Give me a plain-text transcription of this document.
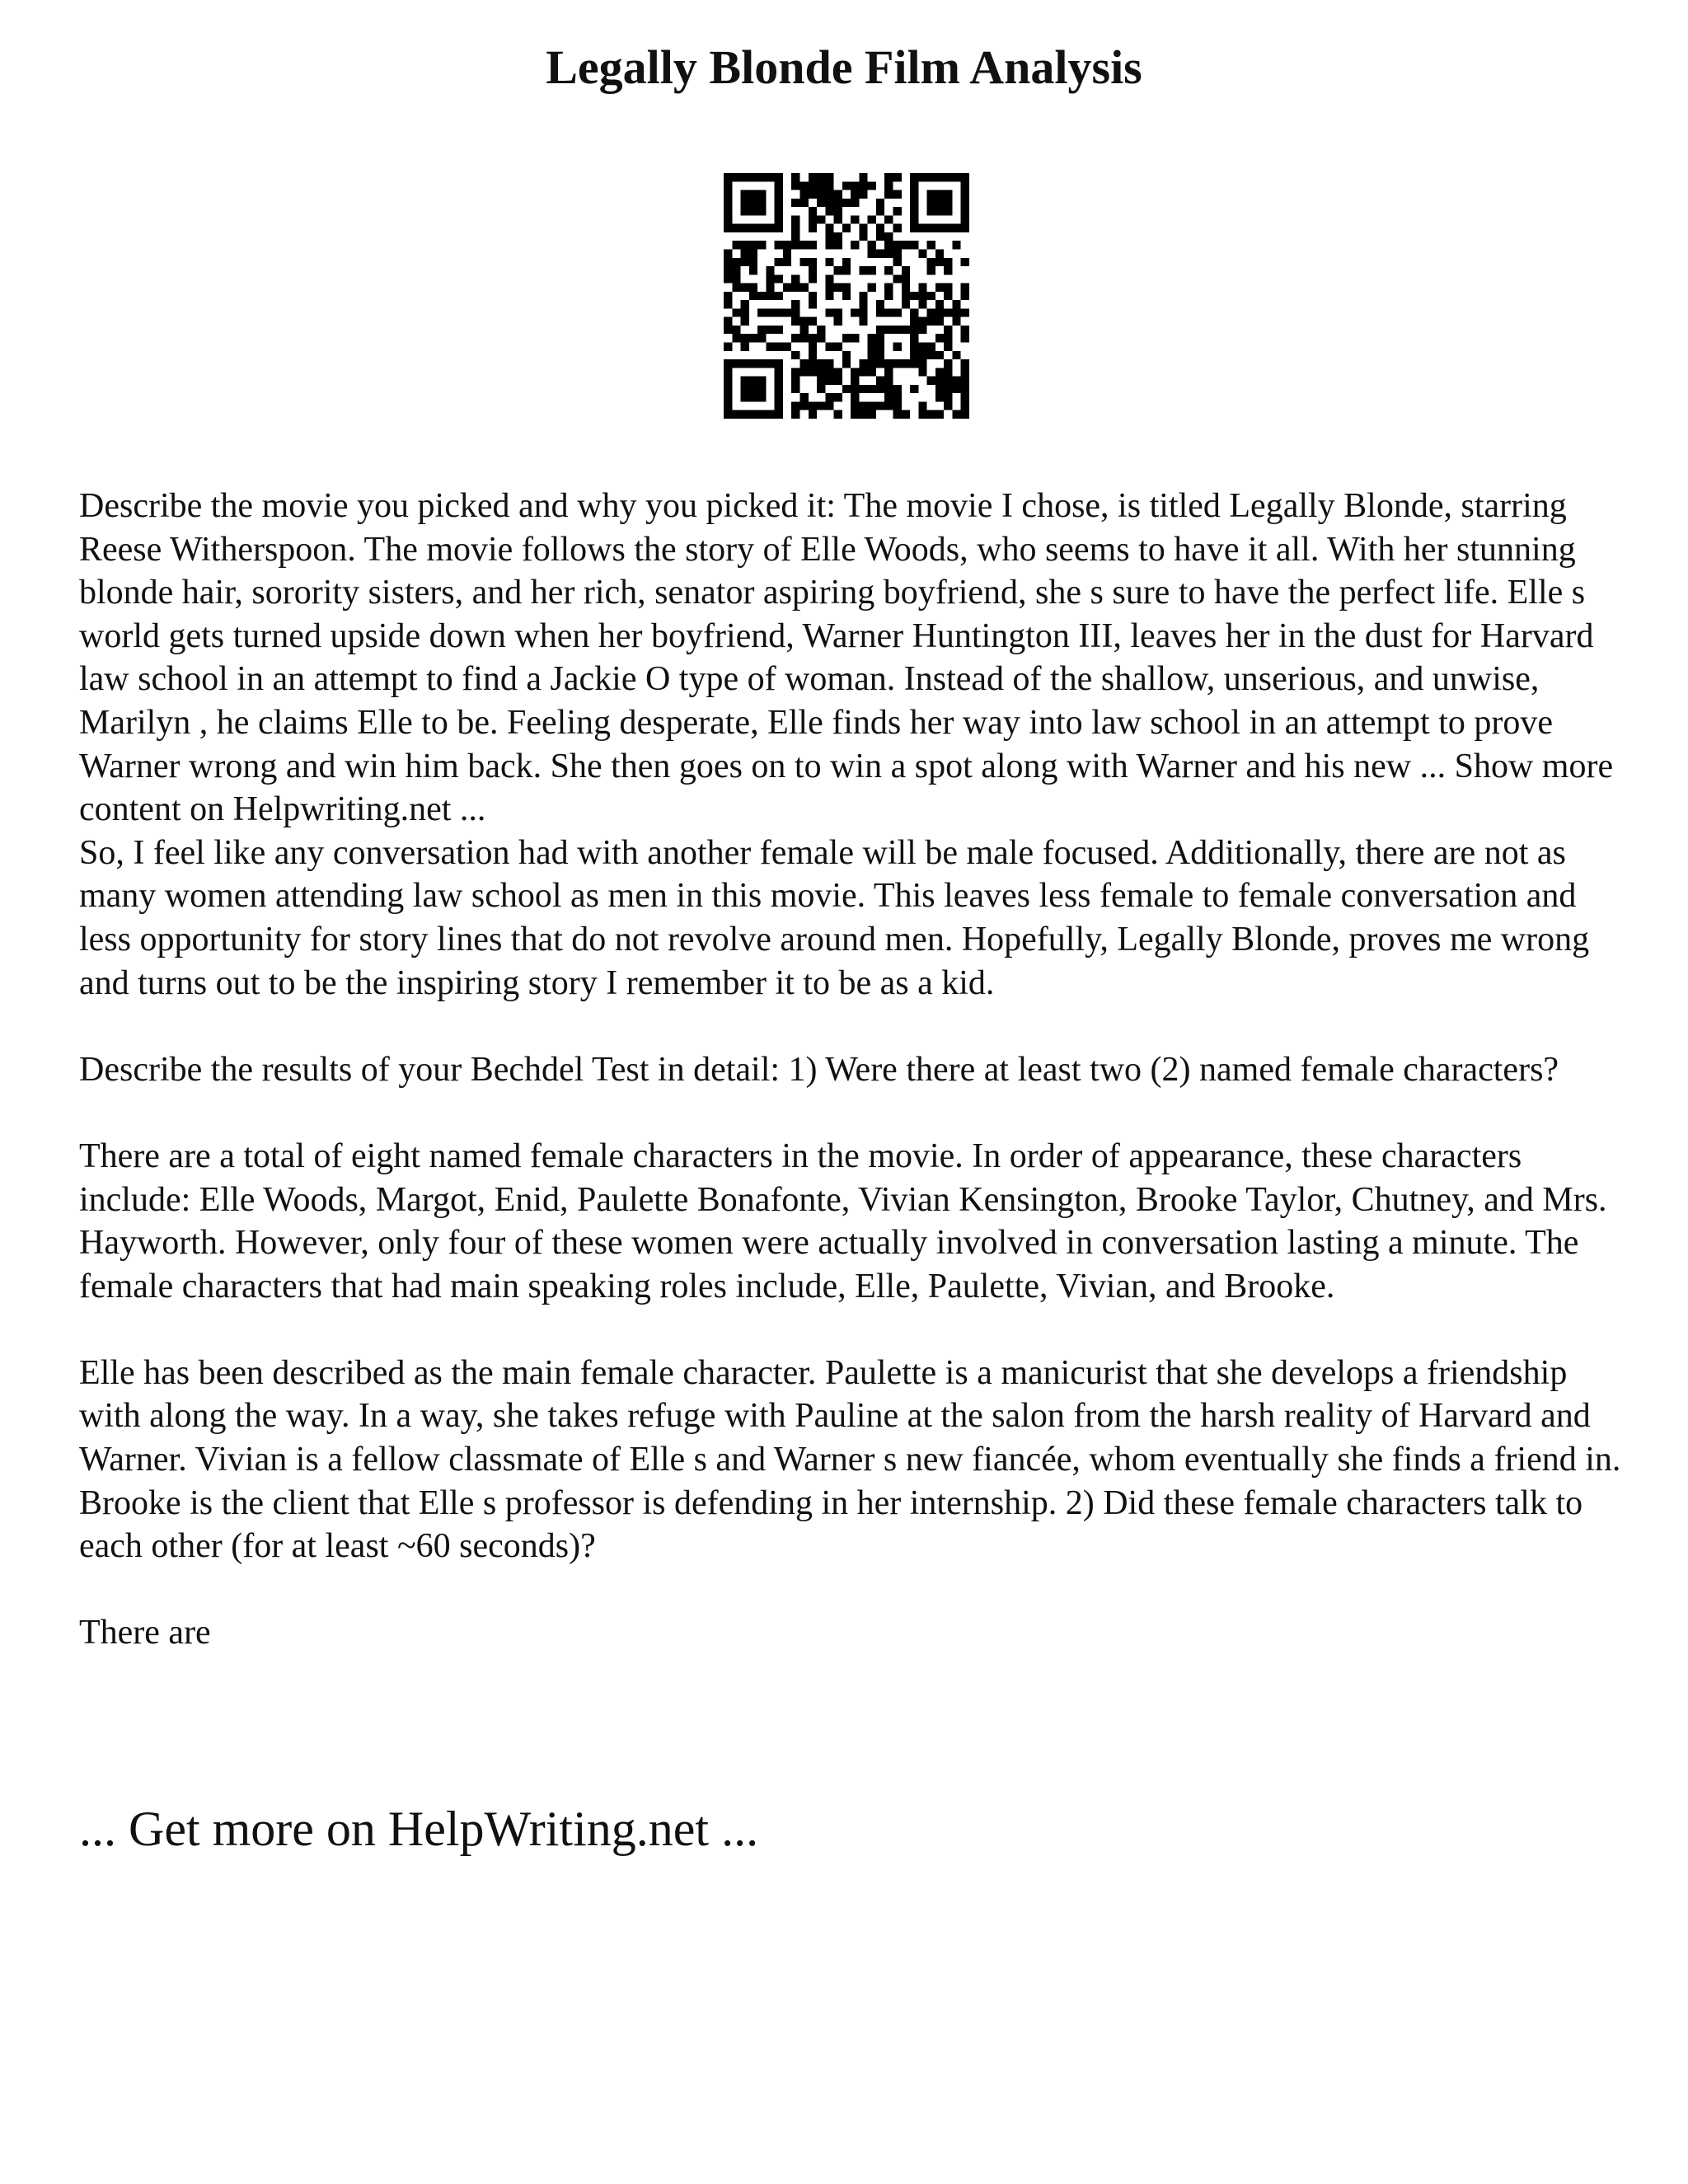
Legally Blonde Film Analysis

Describe the movie you picked and why you picked it: The movie I chose, is titled Legally Blonde, starring Reese Witherspoon. The movie follows the story of Elle Woods, who seems to have it all. With her stunning blonde hair, sorority sisters, and her rich, senator aspiring boyfriend, she s sure to have the perfect life. Elle s world gets turned upside down when her boyfriend, Warner Huntington III, leaves her in the dust for Harvard law school in an attempt to find a Jackie O type of woman. Instead of the shallow, unserious, and unwise, Marilyn , he claims Elle to be. Feeling desperate, Elle finds her way into law school in an attempt to prove Warner wrong and win him back. She then goes on to win a spot along with Warner and his new ... Show more content on Helpwriting.net ...

So, I feel like any conversation had with another female will be male focused. Additionally, there are not as many women attending law school as men in this movie. This leaves less female to female conversation and less opportunity for story lines that do not revolve around men. Hopefully, Legally Blonde, proves me wrong and turns out to be the inspiring story I remember it to be as a kid.

Describe the results of your Bechdel Test in detail: 1) Were there at least two (2) named female characters?

There are a total of eight named female characters in the movie. In order of appearance, these characters include: Elle Woods, Margot, Enid, Paulette Bonafonte, Vivian Kensington, Brooke Taylor, Chutney, and Mrs. Hayworth. However, only four of these women were actually involved in conversation lasting a minute. The female characters that had main speaking roles include, Elle, Paulette, Vivian, and Brooke.

Elle has been described as the main female character. Paulette is a manicurist that she develops a friendship with along the way. In a way, she takes refuge with Pauline at the salon from the harsh reality of Harvard and Warner. Vivian is a fellow classmate of Elle s and Warner s new fiancée, whom eventually she finds a friend in. Brooke is the client that Elle s professor is defending in her internship. 2) Did these female characters talk to each other (for at least ~60 seconds)?

There are

... Get more on HelpWriting.net ...
